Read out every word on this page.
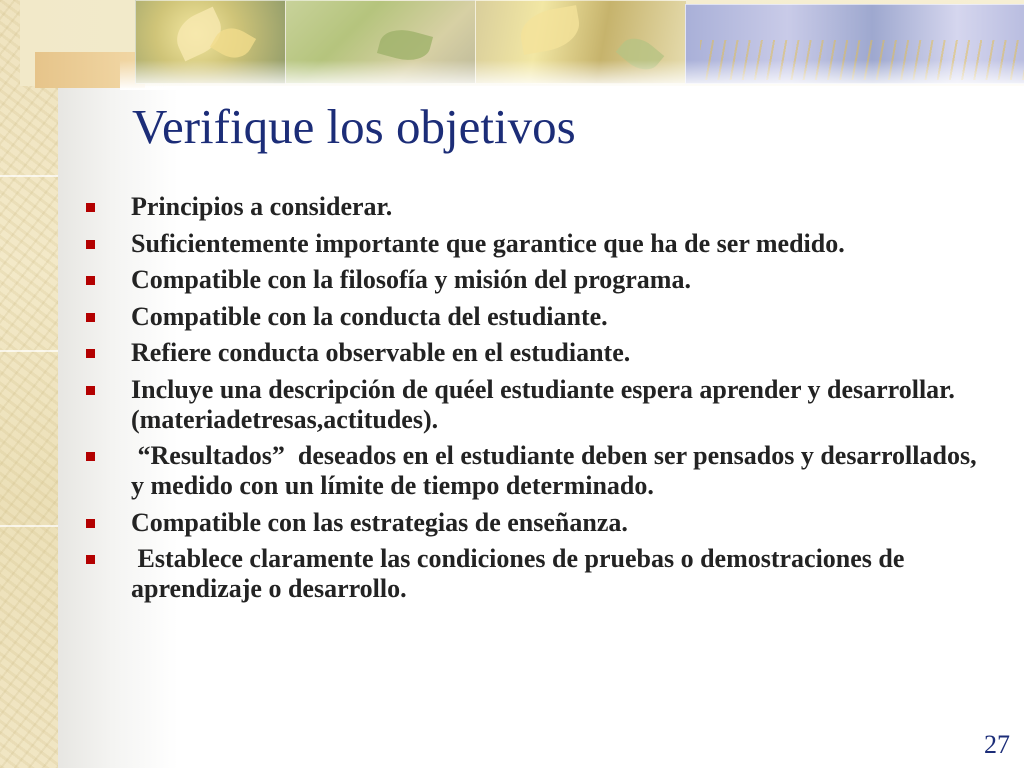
Verifique los objetivos
Principios a considerar.
Suficientemente importante que garantice que ha de ser medido.
Compatible con la filosofía y misión del programa.
Compatible con la conducta del estudiante.
Refiere conducta observable en el estudiante.
Incluye una descripción de quéel estudiante espera aprender y desarrollar. (materiadetresas,actitudes).
“Resultados”  deseados en el estudiante deben ser pensados y desarrollados,  y medido con un límite de tiempo determinado.
Compatible con las estrategias de enseñanza.
Establece claramente las condiciones de pruebas o demostraciones de aprendizaje o desarrollo.
27
